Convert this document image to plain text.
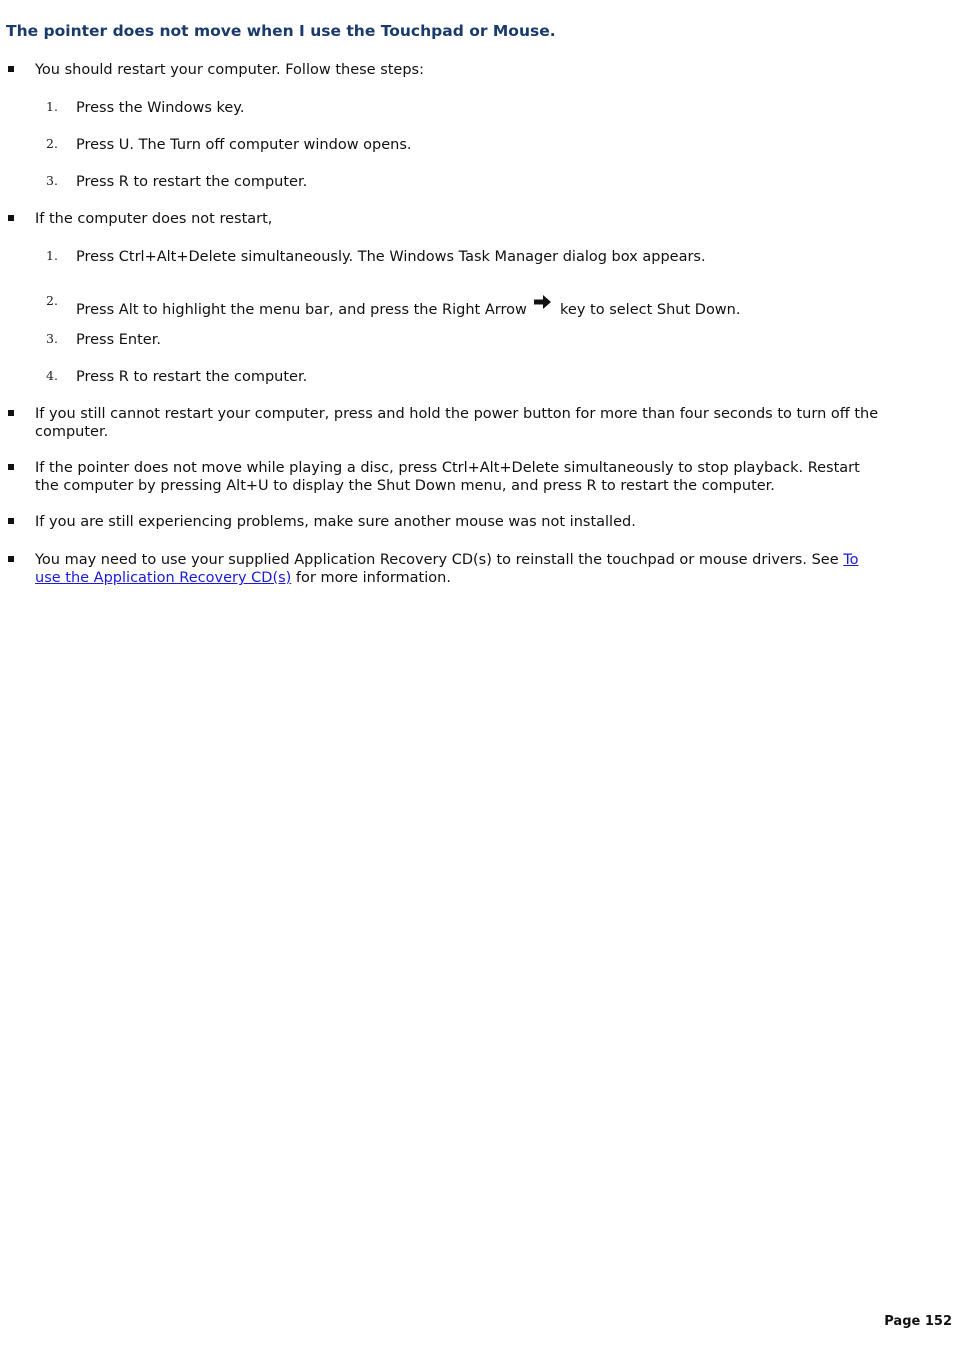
The pointer does not move when I use the Touchpad or Mouse.
You should restart your computer. Follow these steps:
1. Press the Windows key.
2. Press U. The Turn off computer window opens.
3. Press R to restart the computer.
If the computer does not restart,
1. Press Ctrl+Alt+Delete simultaneously. The Windows Task Manager dialog box appears.
2.
Press Alt to highlight the menu bar, and press the Right Arrow key to select Shut Down.
3. Press Enter.
4. Press R to restart the computer.
If you still cannot restart your computer, press and hold the power button for more than four seconds to turn off the
computer.
If the pointer does not move while playing a disc, press Ctrl+Alt+Delete simultaneously to stop playback. Restart
the computer by pressing Alt+U to display the Shut Down menu, and press R to restart the computer.
If you are still experiencing problems, make sure another mouse was not installed.
You may need to use your supplied Application Recovery CD(s) to reinstall the touchpad or mouse drivers. See To
use the Application Recovery CD(s) for more information.
Page 152
